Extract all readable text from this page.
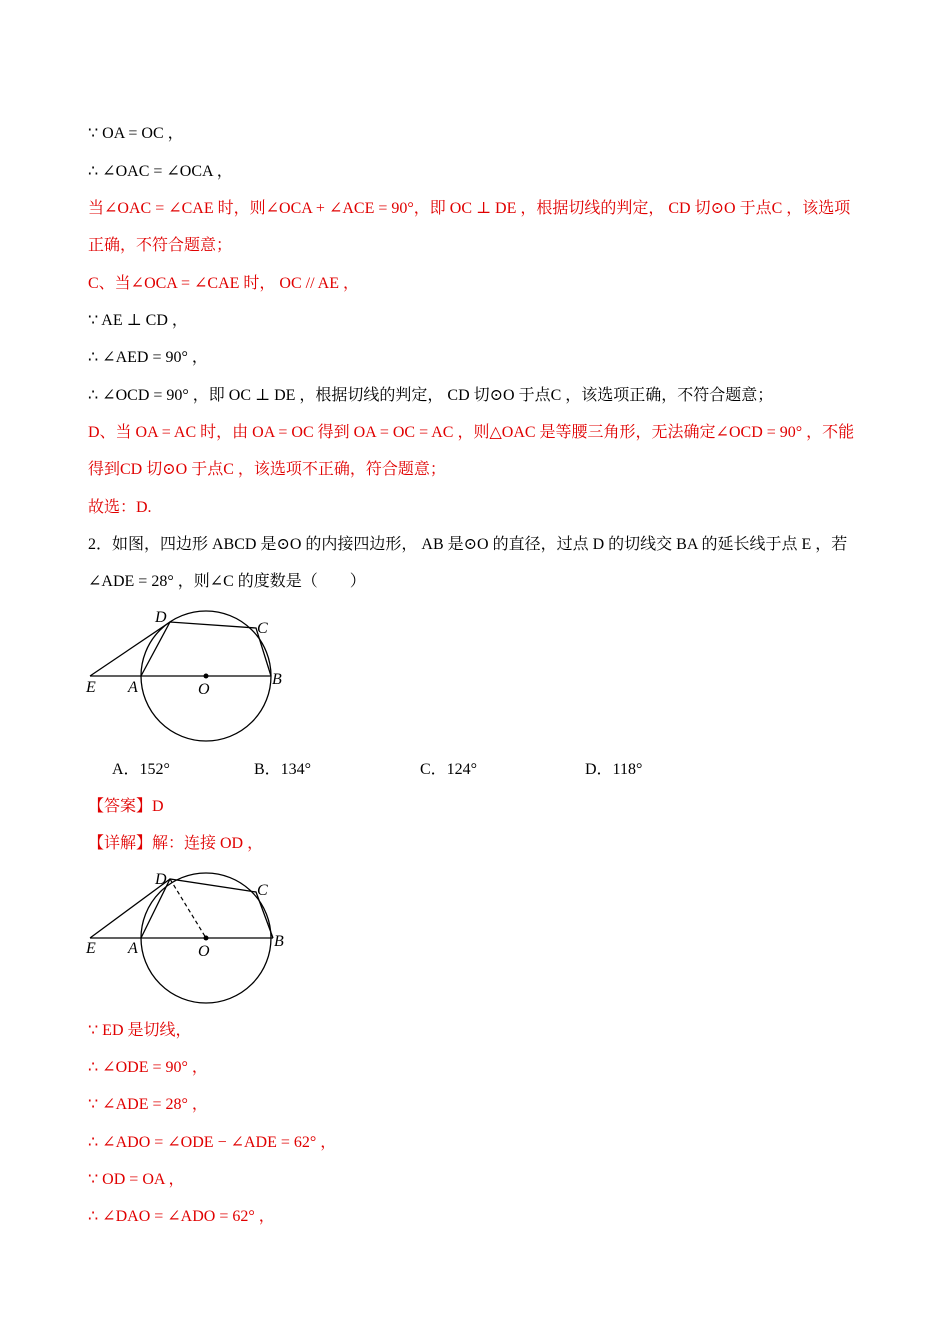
∵ OA = OC ，
∴ ∠OAC = ∠OCA ，
当∠OAC = ∠CAE 时，则∠OCA + ∠ACE = 90°，即 OC ⊥ DE ，根据切线的判定， CD 切⊙O 于点C ，该选项
正确，不符合题意；
C、当∠OCA = ∠CAE 时， OC // AE ，
∵ AE ⊥ CD ，
∴ ∠AED = 90° ，
∴ ∠OCD = 90° ，即 OC ⊥ DE ，根据切线的判定， CD 切⊙O 于点C ，该选项正确，不符合题意；
D、当 OA = AC 时，由 OA = OC 得到 OA = OC = AC ，则△OAC 是等腰三角形，无法确定∠OCD = 90° ，不能
得到CD 切⊙O 于点C ，该选项不正确，符合题意；
故选：D.
2．如图，四边形 ABCD 是⊙O 的内接四边形， AB 是⊙O 的直径，过点 D 的切线交 BA 的延长线于点 E ，若
∠ADE = 28° ，则∠C 的度数是（　　）
D
C
E A	O
B
A．152°	B．134°	C．124°	D．118°
【答案】D
【详解】解：连接 OD ，
D
C
E A	O
B
∵ ED 是切线，
∴ ∠ODE = 90° ，
∵ ∠ADE = 28° ，
∴ ∠ADO = ∠ODE − ∠ADE = 62° ，
∵ OD = OA ，
∴ ∠DAO = ∠ADO = 62° ，
